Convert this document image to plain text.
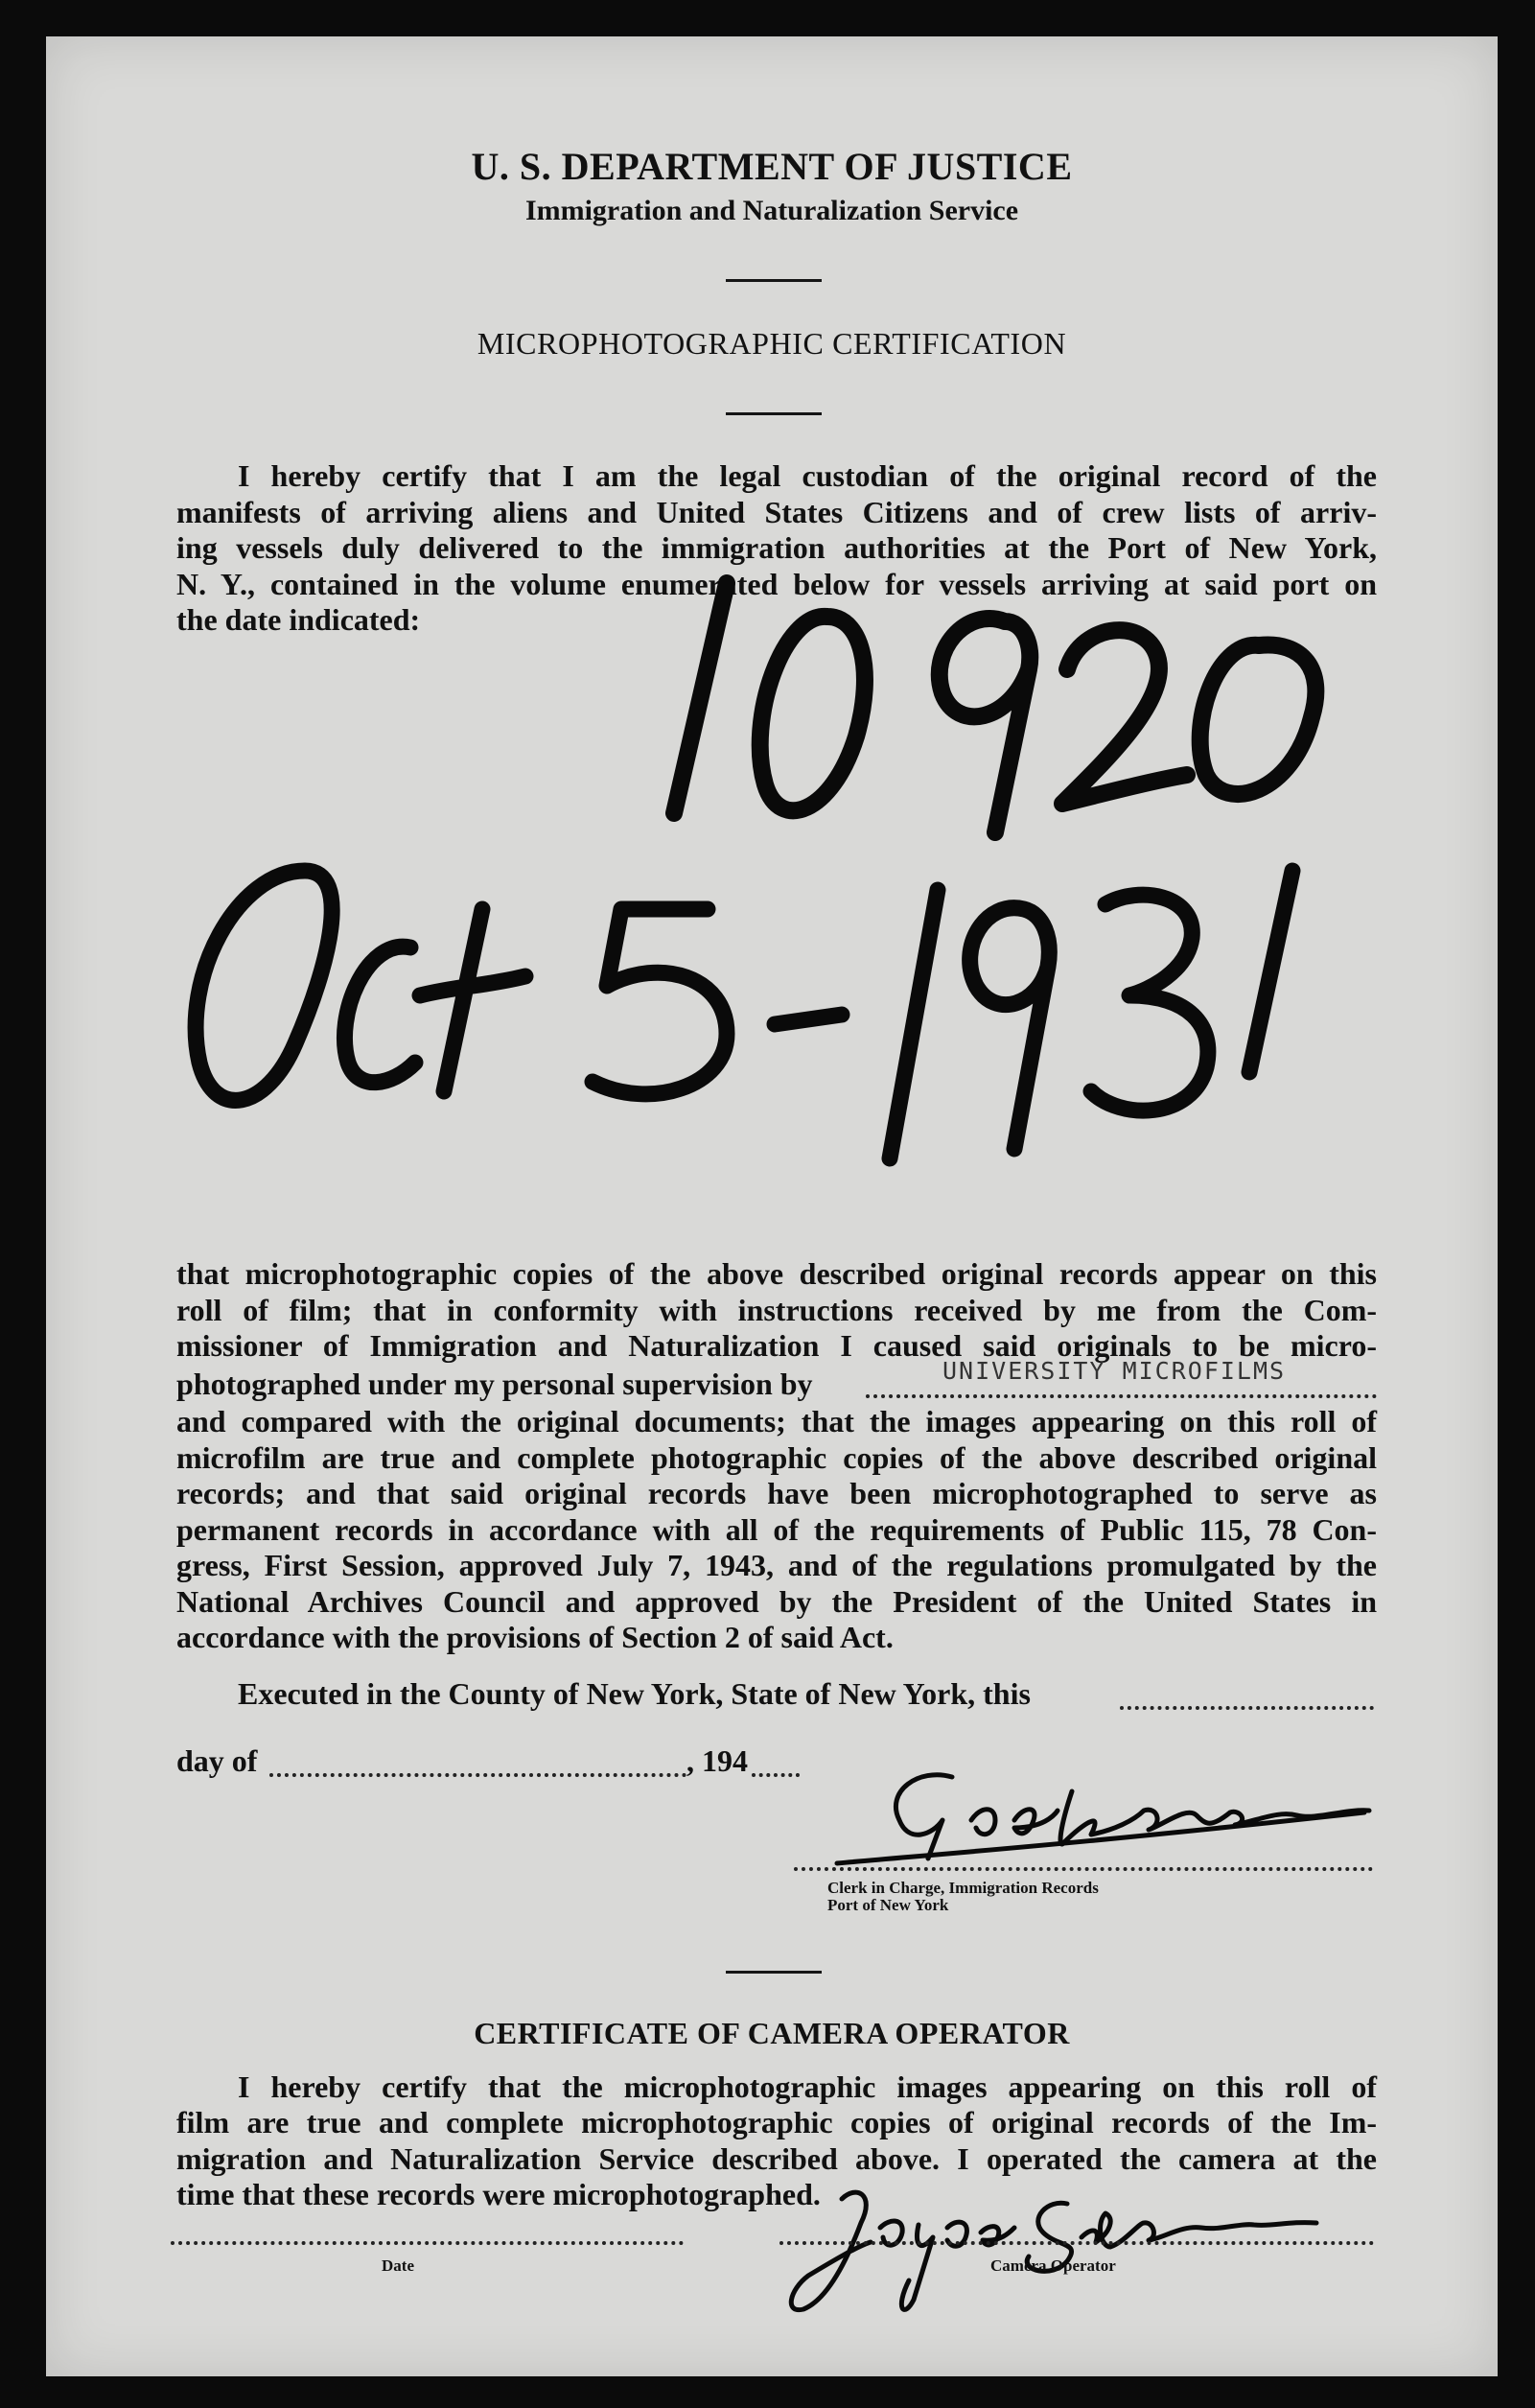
U. S. DEPARTMENT OF JUSTICE
Immigration and Naturalization Service
MICROPHOTOGRAPHIC CERTIFICATION
I hereby certify that I am the legal custodian of the original record of the
manifests of arriving aliens and United States Citizens and of crew lists of arriv-
ing vessels duly delivered to the immigration authorities at the Port of New York,
N. Y., contained in the volume enumerated below for vessels arriving at said port on
the date indicated:
that microphotographic copies of the above described original records appear on this
roll of film; that in conformity with instructions received by me from the Com-
missioner of Immigration and Naturalization I caused said originals to be micro-
photographed under my personal supervision by	UNIVERSITY MICROFILMS
and compared with the original documents; that the images appearing on this roll of
microfilm are true and complete photographic copies of the above described original
records; and that said original records have been microphotographed to serve as
permanent records in accordance with all of the requirements of Public 115, 78 Con-
gress, First Session, approved July 7, 1943, and of the regulations promulgated by the
National Archives Council and approved by the President of the United States in
accordance with the provisions of Section 2 of said Act.
Executed in the County of New York, State of New York, this
day of	, 194
Clerk in Charge, Immigration Records
Port of New York
CERTIFICATE OF CAMERA OPERATOR
I hereby certify that the microphotographic images appearing on this roll of
film are true and complete microphotographic copies of original records of the Im-
migration and Naturalization Service described above. I operated the camera at the
time that these records were microphotographed.
Date	Camera Operator
